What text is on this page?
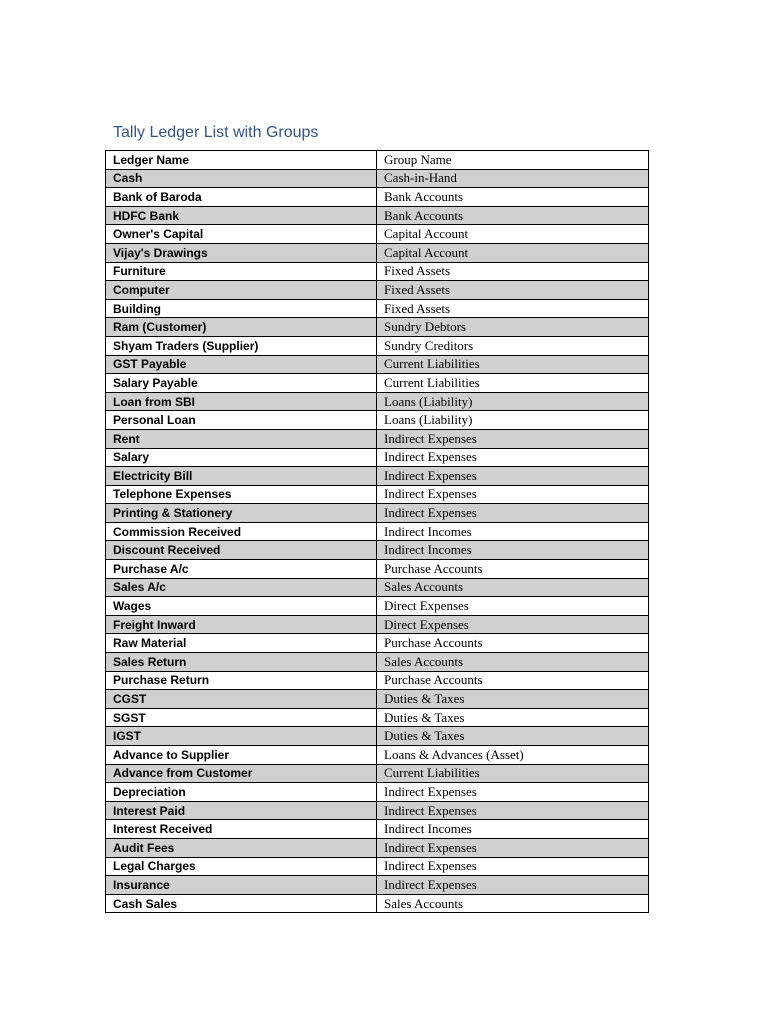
Tally Ledger List with Groups
Ledger Name	Group Name
Cash	Cash-in-Hand
Bank of Baroda	Bank Accounts
HDFC Bank	Bank Accounts
Owner's Capital	Capital Account
Vijay's Drawings	Capital Account
Furniture	Fixed Assets
Computer	Fixed Assets
Building	Fixed Assets
Ram (Customer)	Sundry Debtors
Shyam Traders (Supplier)	Sundry Creditors
GST Payable	Current Liabilities
Salary Payable	Current Liabilities
Loan from SBI	Loans (Liability)
Personal Loan	Loans (Liability)
Rent	Indirect Expenses
Salary	Indirect Expenses
Electricity Bill	Indirect Expenses
Telephone Expenses	Indirect Expenses
Printing & Stationery	Indirect Expenses
Commission Received	Indirect Incomes
Discount Received	Indirect Incomes
Purchase A/c	Purchase Accounts
Sales A/c	Sales Accounts
Wages	Direct Expenses
Freight Inward	Direct Expenses
Raw Material	Purchase Accounts
Sales Return	Sales Accounts
Purchase Return	Purchase Accounts
CGST	Duties & Taxes
SGST	Duties & Taxes
IGST	Duties & Taxes
Advance to Supplier	Loans & Advances (Asset)
Advance from Customer	Current Liabilities
Depreciation	Indirect Expenses
Interest Paid	Indirect Expenses
Interest Received	Indirect Incomes
Audit Fees	Indirect Expenses
Legal Charges	Indirect Expenses
Insurance	Indirect Expenses
Cash Sales	Sales Accounts
